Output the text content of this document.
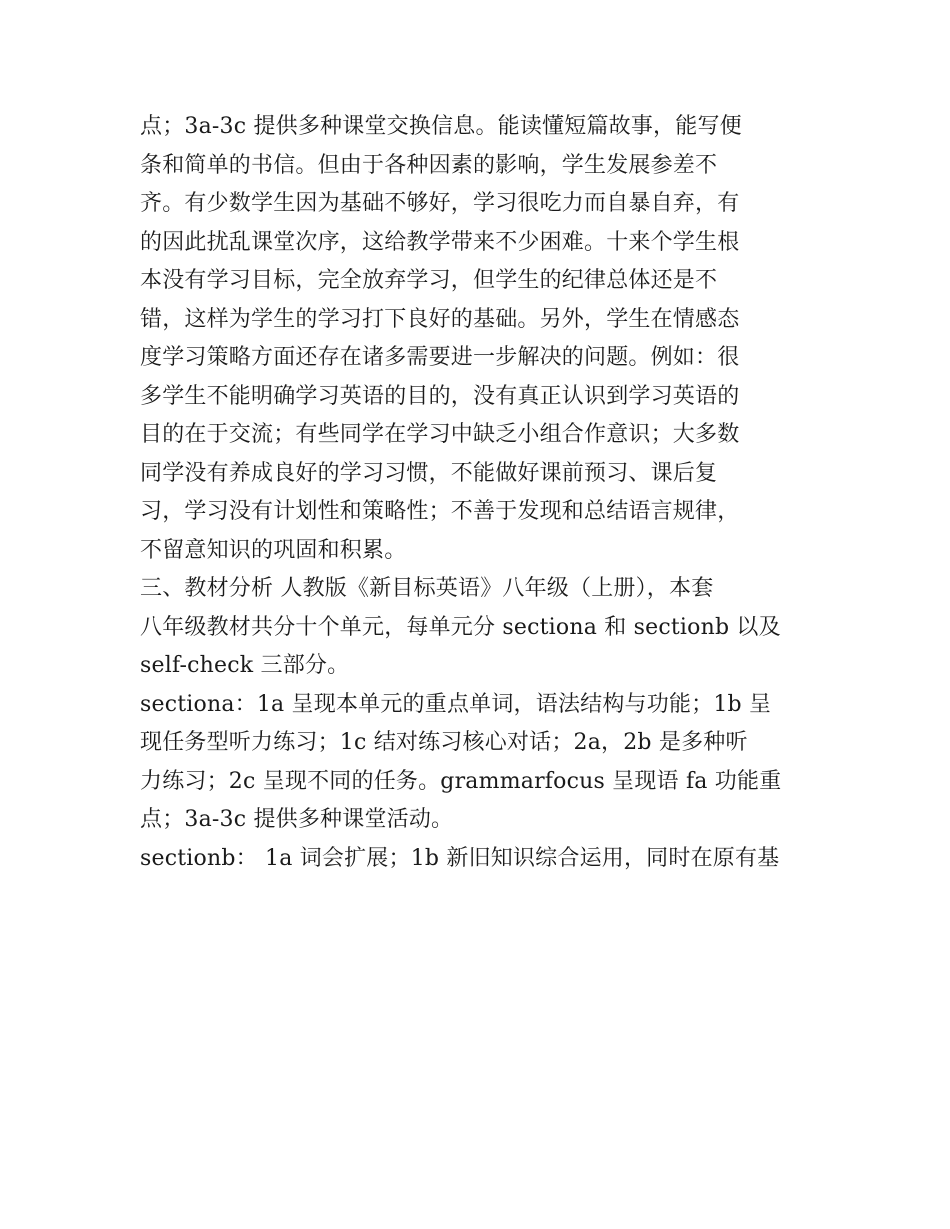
点；3a-3c 提供多种课堂交换信息。能读懂短篇故事，能写便
条和简单的书信。但由于各种因素的影响，学生发展参差不
齐。有少数学生因为基础不够好，学习很吃力而自暴自弃，有
的因此扰乱课堂次序，这给教学带来不少困难。十来个学生根
本没有学习目标，完全放弃学习，但学生的纪律总体还是不
错，这样为学生的学习打下良好的基础。另外，学生在情感态
度学习策略方面还存在诸多需要进一步解决的问题。例如：很
多学生不能明确学习英语的目的，没有真正认识到学习英语的
目的在于交流；有些同学在学习中缺乏小组合作意识；大多数
同学没有养成良好的学习习惯，不能做好课前预习、课后复
习，学习没有计划性和策略性；不善于发现和总结语言规律，
不留意知识的巩固和积累。
三、教材分析 人教版《新目标英语》八年级（上册），本套
八年级教材共分十个单元，每单元分 sectiona 和 sectionb 以及
self-check 三部分。
sectiona：1a 呈现本单元的重点单词，语法结构与功能；1b 呈
现任务型听力练习；1c 结对练习核心对话；2a，2b 是多种听
力练习；2c 呈现不同的任务。grammarfocus 呈现语 fa 功能重
点；3a-3c 提供多种课堂活动。
sectionb： 1a 词会扩展；1b 新旧知识综合运用，同时在原有基
